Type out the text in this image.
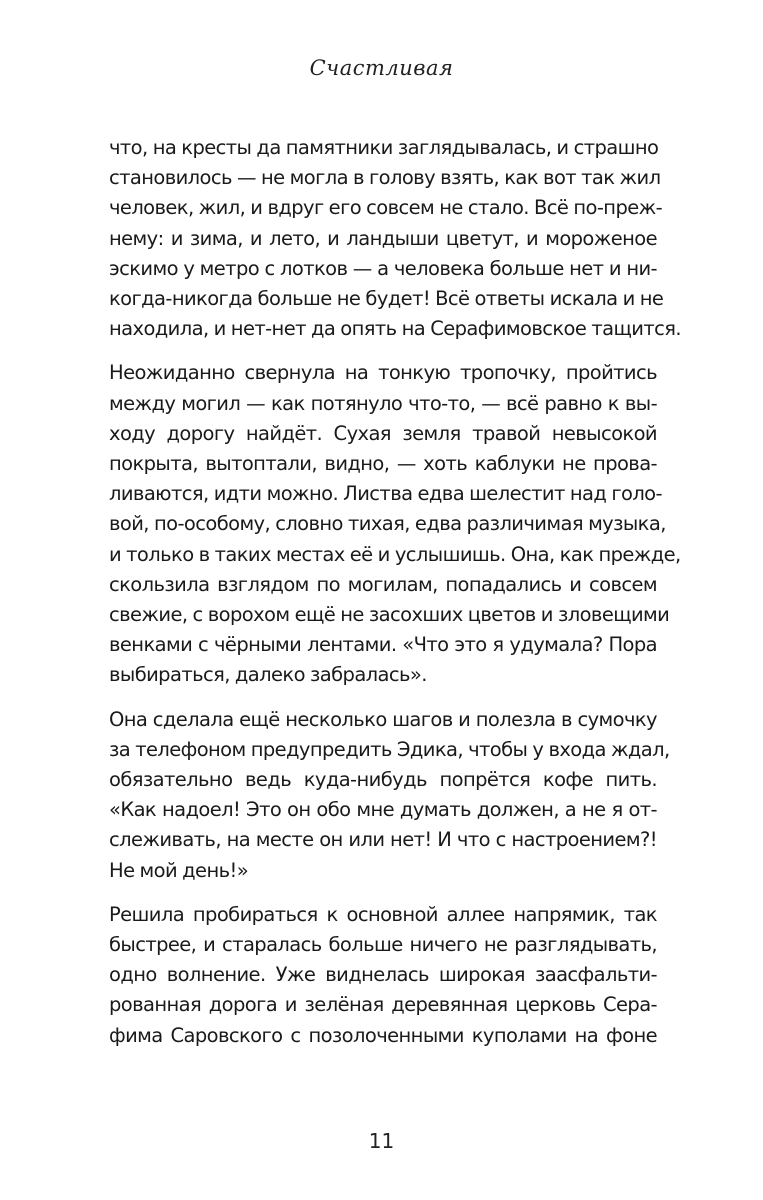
Счастливая

что, на кресты да памятники заглядывалась, и страшно
становилось — не могла в голову взять, как вот так жил
человек, жил, и вдруг его совсем не стало. Всё по-преж-
нему: и зима, и лето, и ландыши цветут, и мороженое
эскимо у метро с лотков — а человека больше нет и ни-
когда-никогда больше не будет! Всё ответы искала и не
находила, и нет-нет да опять на Серафимовское тащится.

Неожиданно свернула на тонкую тропочку, пройтись
между могил — как потянуло что-то, — всё равно к вы-
ходу дорогу найдёт. Сухая земля травой невысокой
покрыта, вытоптали, видно, — хоть каблуки не прова-
ливаются, идти можно. Листва едва шелестит над голо-
вой, по-особому, словно тихая, едва различимая музыка,
и только в таких местах её и услышишь. Она, как прежде,
скользила взглядом по могилам, попадались и совсем
свежие, с ворохом ещё не засохших цветов и зловещими
венками с чёрными лентами. «Что это я удумала? Пора
выбираться, далеко забралась».

Она сделала ещё несколько шагов и полезла в сумочку
за телефоном предупредить Эдика, чтобы у входа ждал,
обязательно ведь куда-нибудь попрётся кофе пить.
«Как надоел! Это он обо мне думать должен, а не я от-
слеживать, на месте он или нет! И что с настроением?!
Не мой день!»

Решила пробираться к основной аллее напрямик, так
быстрее, и старалась больше ничего не разглядывать,
одно волнение. Уже виднелась широкая заасфальти-
рованная дорога и зелёная деревянная церковь Сера-
фима Саровского с позолоченными куполами на фоне

11
